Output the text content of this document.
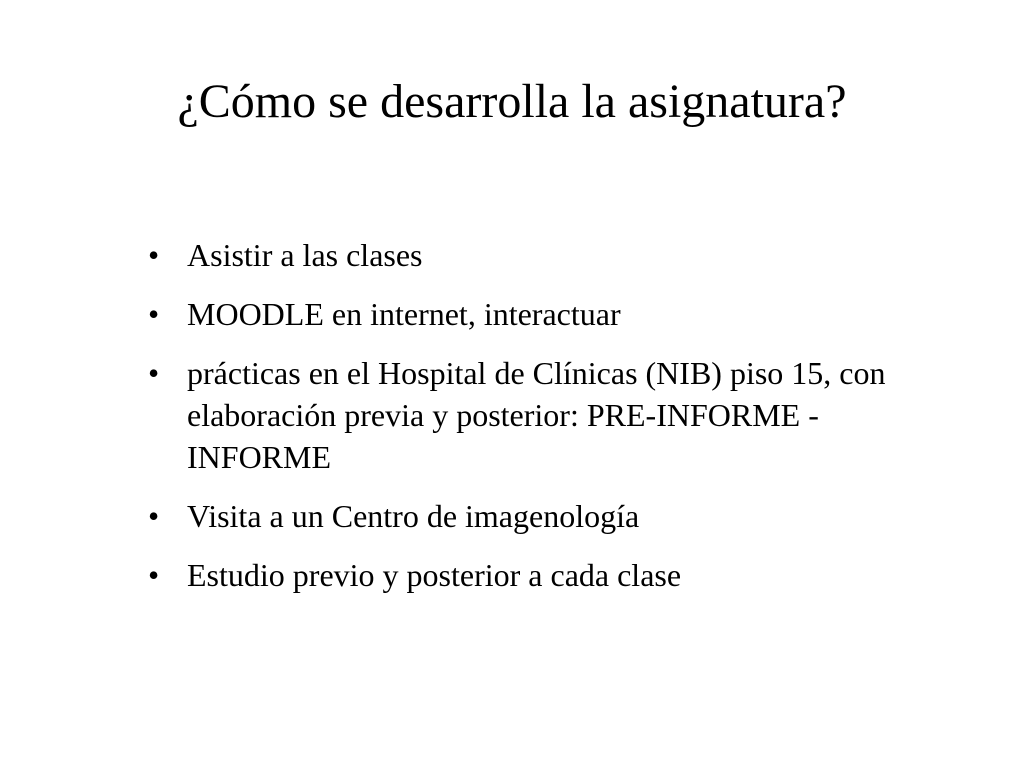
¿Cómo se desarrolla la asignatura?
• Asistir a las clases
• MOODLE en internet, interactuar
• prácticas en el Hospital de Clínicas (NIB) piso 15, con elaboración previa y posterior: PRE-INFORME - INFORME
• Visita a un Centro de imagenología
• Estudio previo y posterior a cada clase
